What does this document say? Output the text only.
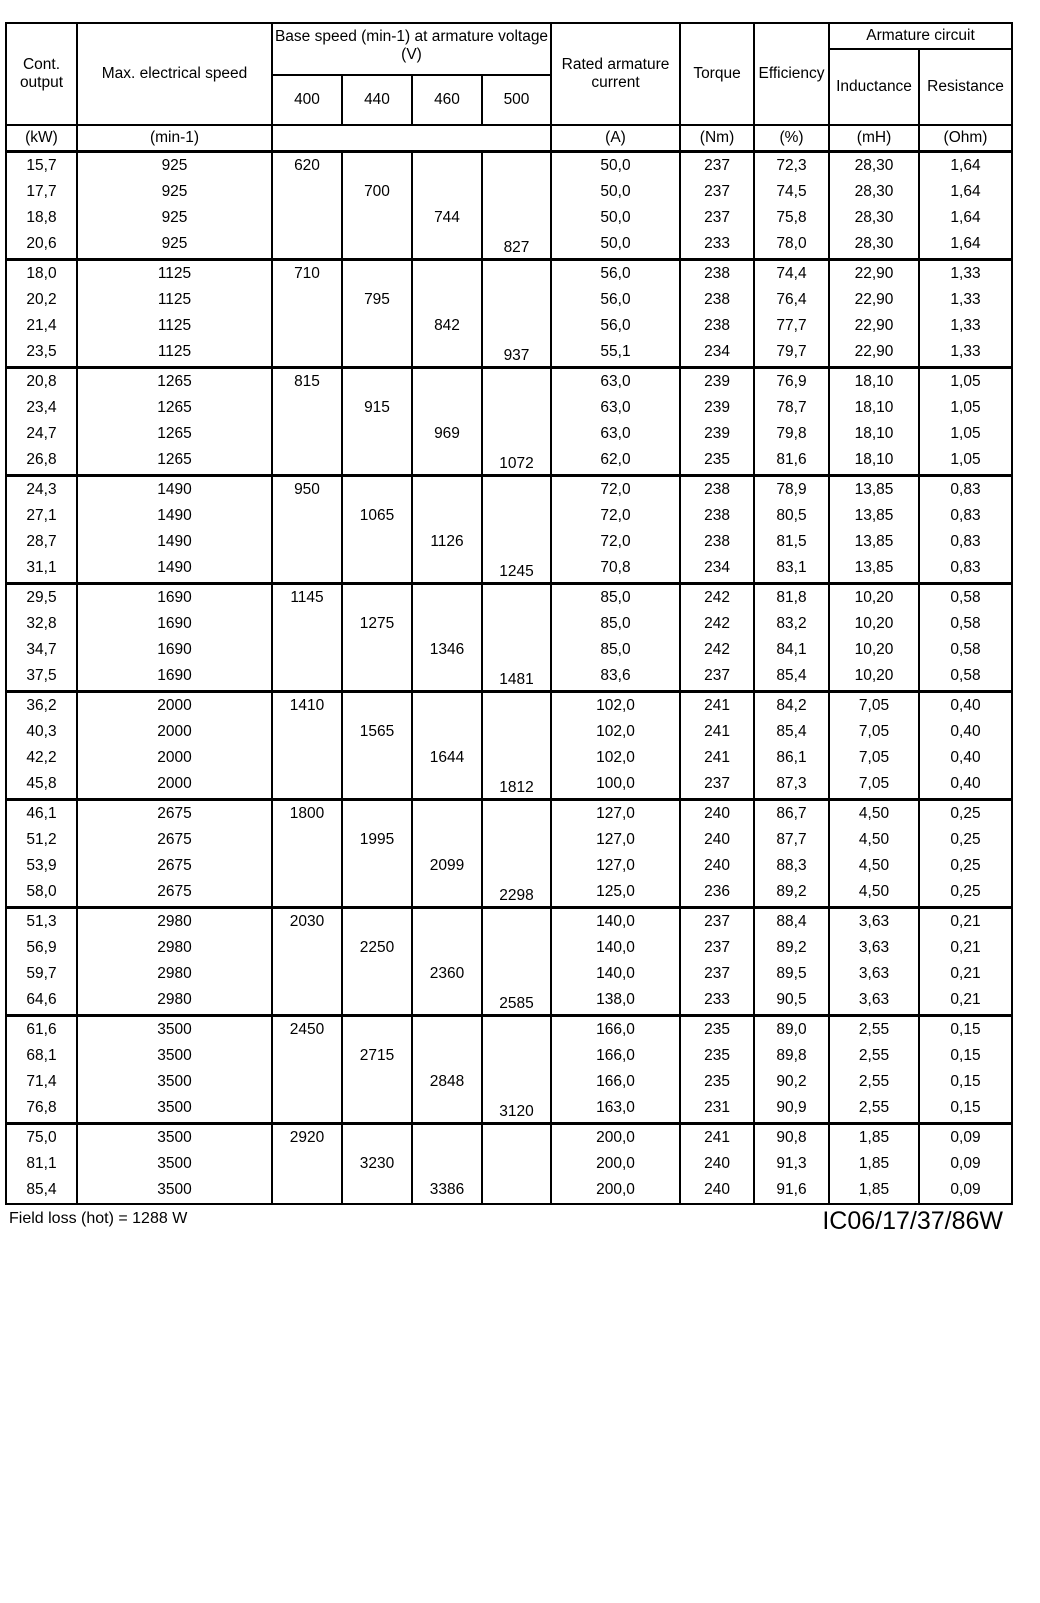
Cont. output	Max. electrical speed	Base speed (min-1) at armature voltage (V)				Rated armature current	Torque	Efficiency	Armature circuit	
									Inductance	Resistance
		400	440	460	500					
(kW)	(min-1)					(A)	(Nm)	(%)	(mH)	(Ohm)
15,7	925	620				50,0	237	72,3	28,30	1,64
17,7	925		700			50,0	237	74,5	28,30	1,64
18,8	925			744		50,0	237	75,8	28,30	1,64
20,6	925				827	50,0	233	78,0	28,30	1,64
18,0	1125	710				56,0	238	74,4	22,90	1,33
20,2	1125		795			56,0	238	76,4	22,90	1,33
21,4	1125			842		56,0	238	77,7	22,90	1,33
23,5	1125				937	55,1	234	79,7	22,90	1,33
20,8	1265	815				63,0	239	76,9	18,10	1,05
23,4	1265		915			63,0	239	78,7	18,10	1,05
24,7	1265			969		63,0	239	79,8	18,10	1,05
26,8	1265				1072	62,0	235	81,6	18,10	1,05
24,3	1490	950				72,0	238	78,9	13,85	0,83
27,1	1490		1065			72,0	238	80,5	13,85	0,83
28,7	1490			1126		72,0	238	81,5	13,85	0,83
31,1	1490				1245	70,8	234	83,1	13,85	0,83
29,5	1690	1145				85,0	242	81,8	10,20	0,58
32,8	1690		1275			85,0	242	83,2	10,20	0,58
34,7	1690			1346		85,0	242	84,1	10,20	0,58
37,5	1690				1481	83,6	237	85,4	10,20	0,58
36,2	2000	1410				102,0	241	84,2	7,05	0,40
40,3	2000		1565			102,0	241	85,4	7,05	0,40
42,2	2000			1644		102,0	241	86,1	7,05	0,40
45,8	2000				1812	100,0	237	87,3	7,05	0,40
46,1	2675	1800				127,0	240	86,7	4,50	0,25
51,2	2675		1995			127,0	240	87,7	4,50	0,25
53,9	2675			2099		127,0	240	88,3	4,50	0,25
58,0	2675				2298	125,0	236	89,2	4,50	0,25
51,3	2980	2030				140,0	237	88,4	3,63	0,21
56,9	2980		2250			140,0	237	89,2	3,63	0,21
59,7	2980			2360		140,0	237	89,5	3,63	0,21
64,6	2980				2585	138,0	233	90,5	3,63	0,21
61,6	3500	2450				166,0	235	89,0	2,55	0,15
68,1	3500		2715			166,0	235	89,8	2,55	0,15
71,4	3500			2848		166,0	235	90,2	2,55	0,15
76,8	3500				3120	163,0	231	90,9	2,55	0,15
75,0	3500	2920				200,0	241	90,8	1,85	0,09
81,1	3500		3230			200,0	240	91,3	1,85	0,09
85,4	3500			3386		200,0	240	91,6	1,85	0,09
Field loss (hot) = 1288 W	IC06/17/37/86W
